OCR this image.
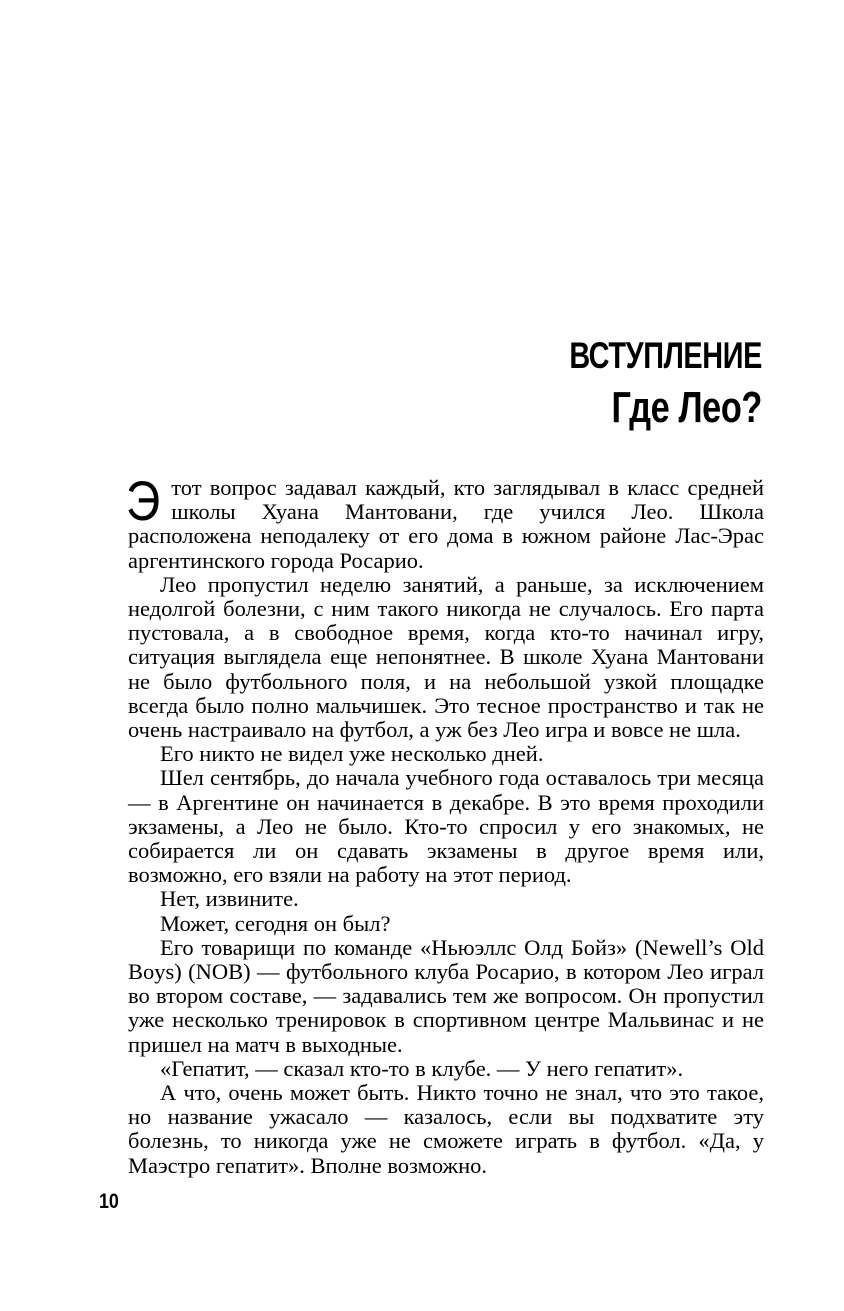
ВСТУПЛЕНИЕ
Где Лео?

Этот вопрос задавал каждый, кто заглядывал в класс средней школы Хуана Мантовани, где учился Лео. Школа расположена неподалеку от его дома в южном районе Лас-Эрас аргентинского города Росарио.

Лео пропустил неделю занятий, а раньше, за исключением недолгой болезни, с ним такого никогда не случалось. Его парта пустовала, а в свободное время, когда кто-то начинал игру, ситуация выглядела еще непонятнее. В школе Хуана Мантовани не было футбольного поля, и на небольшой узкой площадке всегда было полно мальчишек. Это тесное пространство и так не очень настраивало на футбол, а уж без Лео игра и вовсе не шла.

Его никто не видел уже несколько дней.

Шел сентябрь, до начала учебного года оставалось три месяца — в Аргентине он начинается в декабре. В это время проходили экзамены, а Лео не было. Кто-то спросил у его знакомых, не собирается ли он сдавать экзамены в другое время или, возможно, его взяли на работу на этот период.

Нет, извините.

Может, сегодня он был?

Его товарищи по команде «Ньюэллс Олд Бойз» (Newell’s Old Boys) (NOB) — футбольного клуба Росарио, в котором Лео играл во втором составе, — задавались тем же вопросом. Он пропустил уже несколько тренировок в спортивном центре Мальвинас и не пришел на матч в выходные.

«Гепатит, — сказал кто-то в клубе. — У него гепатит».

А что, очень может быть. Никто точно не знал, что это такое, но название ужасало — казалось, если вы подхватите эту болезнь, то никогда уже не сможете играть в футбол. «Да, у Маэстро гепатит». Вполне возможно.

10
